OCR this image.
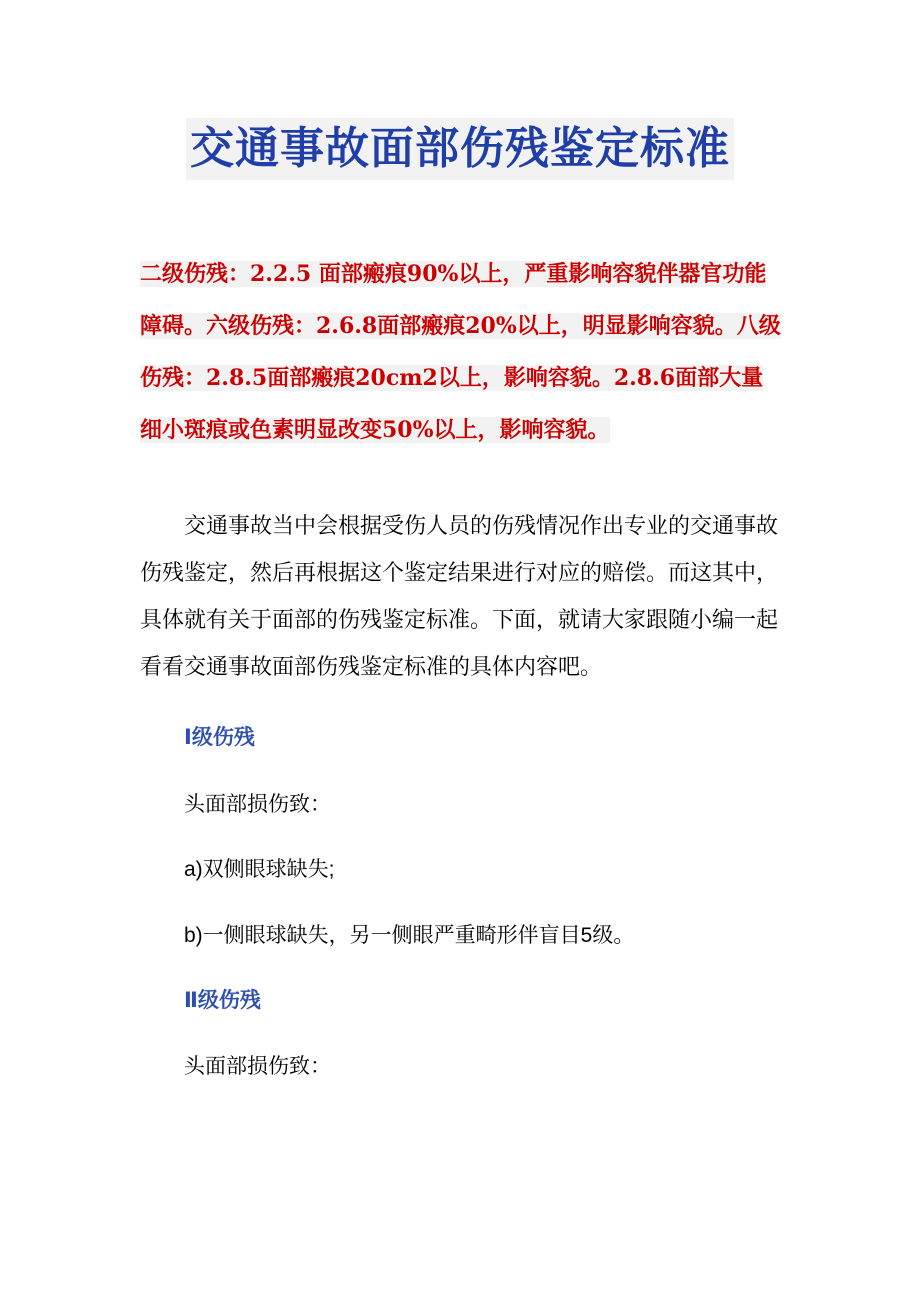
交通事故面部伤残鉴定标准

二级伤残：2.2.5 面部瘢痕90%以上，严重影响容貌伴器官功能障碍。六级伤残：2.6.8面部瘢痕20%以上，明显影响容貌。八级伤残：2.8.5面部瘢痕20cm2以上，影响容貌。2.8.6面部大量细小斑痕或色素明显改变50%以上，影响容貌。

交通事故当中会根据受伤人员的伤残情况作出专业的交通事故伤残鉴定，然后再根据这个鉴定结果进行对应的赔偿。而这其中，具体就有关于面部的伤残鉴定标准。下面，就请大家跟随小编一起看看交通事故面部伤残鉴定标准的具体内容吧。

Ⅰ级伤残
头面部损伤致：
a)双侧眼球缺失;
b)一侧眼球缺失，另一侧眼严重畸形伴盲目5级。
Ⅱ级伤残
头面部损伤致：
